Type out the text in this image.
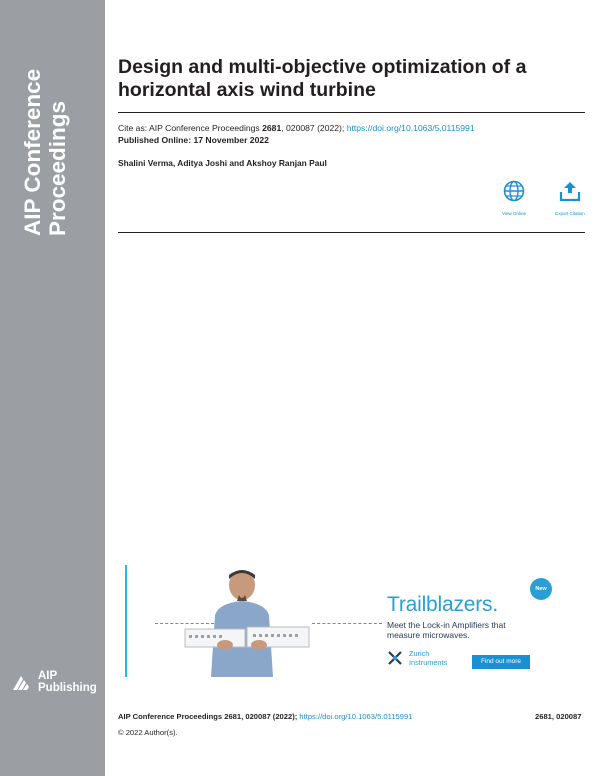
AIP Conference Proceedings
AIP
Publishing
Design and multi-objective optimization of a horizontal axis wind turbine
Cite as: AIP Conference Proceedings 2681, 020087 (2022); https://doi.org/10.1063/5.0115991
Published Online: 17 November 2022
Shalini Verma, Aditya Joshi and Akshoy Ranjan Paul
View Online	Export Citation
Trailblazers.
New
Meet the Lock-in Amplifiers that
measure microwaves.
Zurich
Instruments	Find out more
AIP Conference Proceedings 2681, 020087 (2022); https://doi.org/10.1063/5.0115991	2681, 020087
© 2022 Author(s).
